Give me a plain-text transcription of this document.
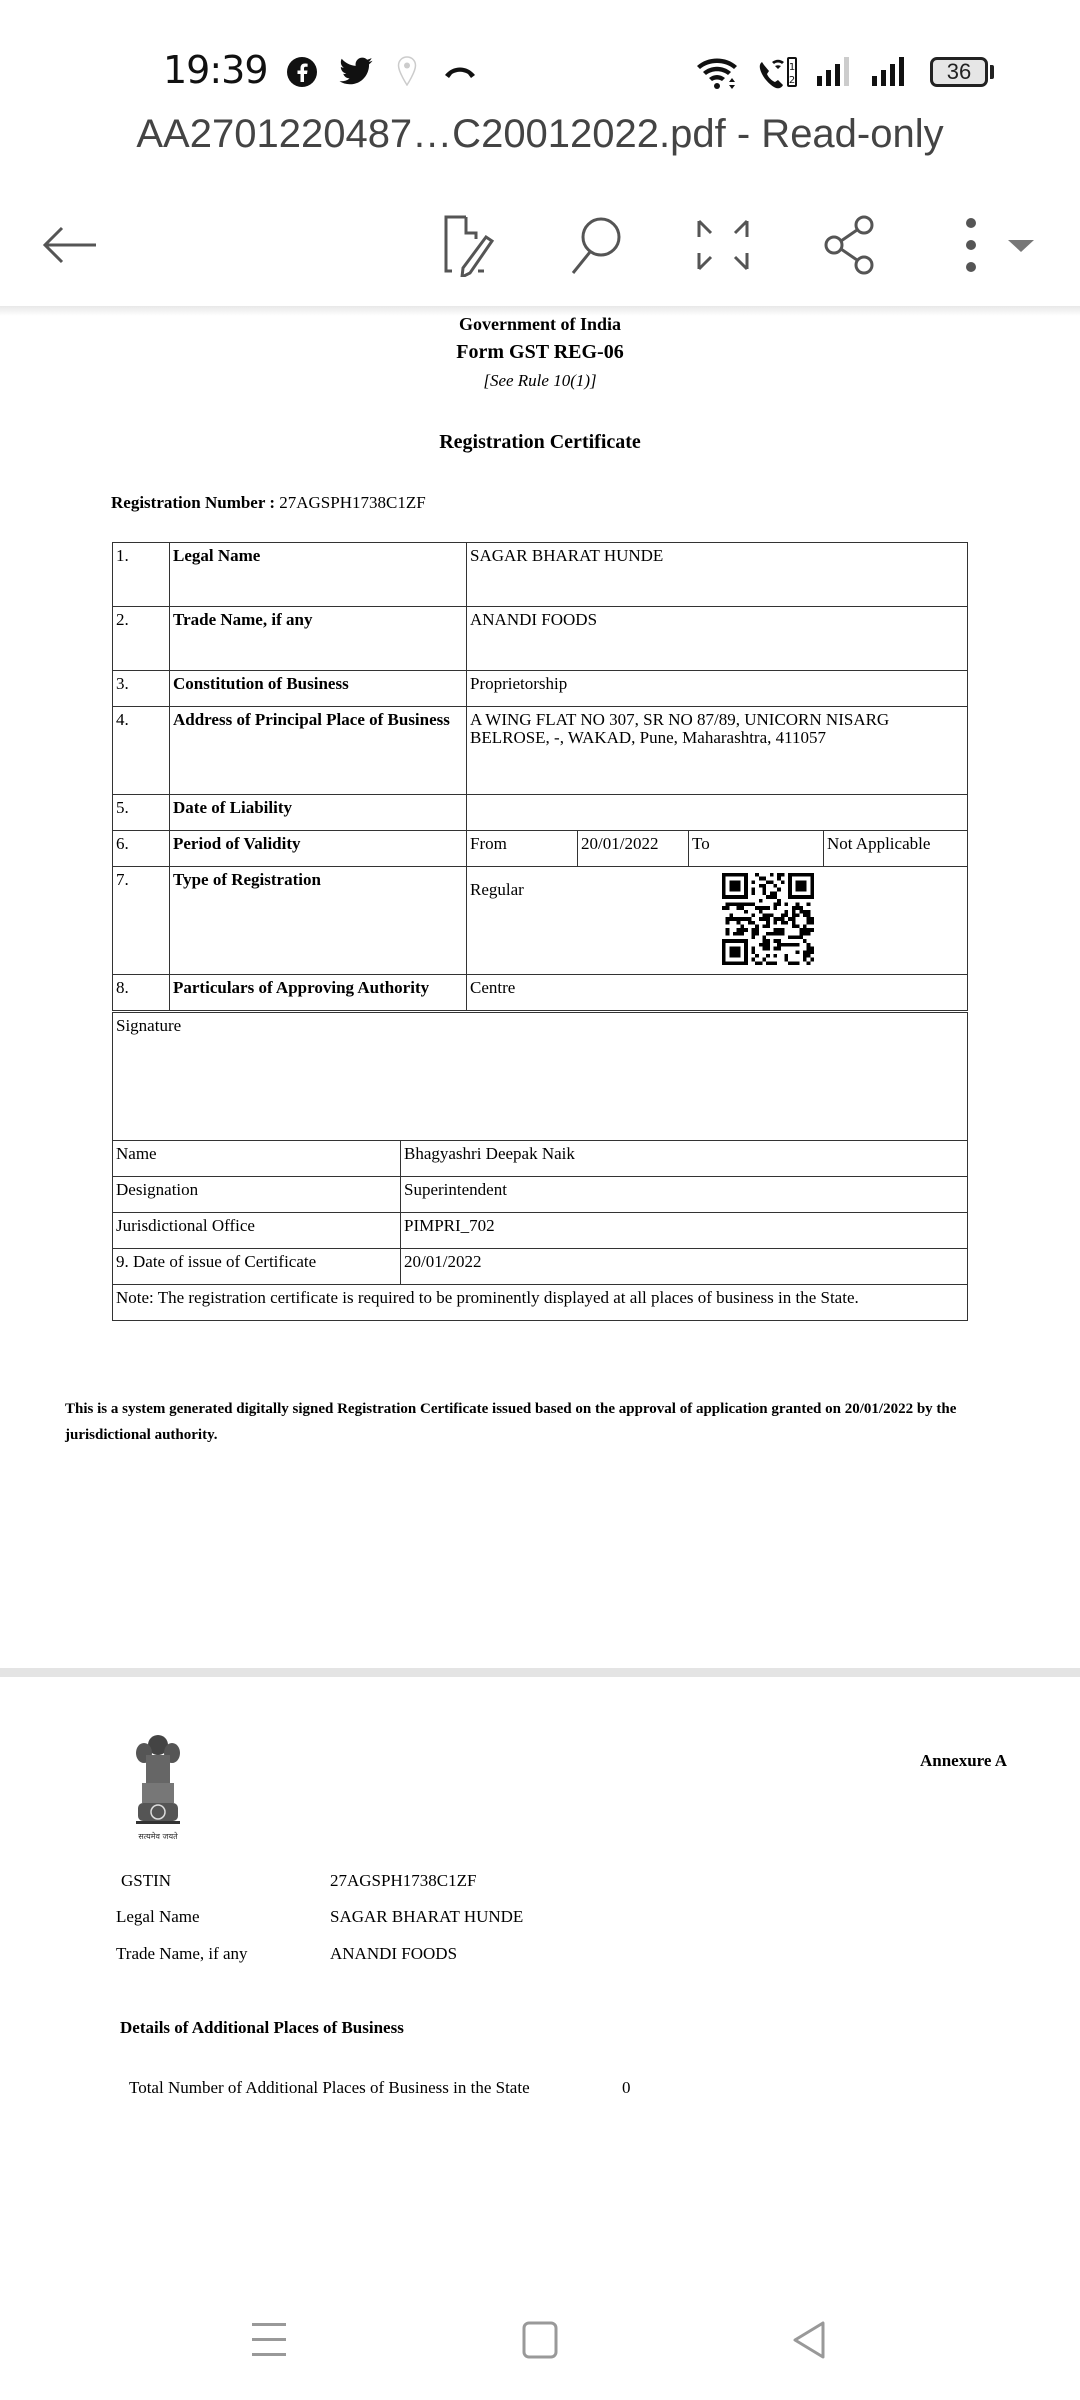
19:39	1
2	36
AA2701220487…C20012022.pdf - Read-only
Government of India
Form GST REG-06
[See Rule 10(1)]
Registration Certificate
Registration Number : 27AGSPH1738C1ZF
1.	Legal Name	SAGAR BHARAT HUNDE			
2.	Trade Name, if any	ANANDI FOODS			
3.	Constitution of Business	Proprietorship			
4.	Address of Principal Place of Business	A WING FLAT NO 307, SR NO 87/89, UNICORN NISARG BELROSE, -, WAKAD, Pune, Maharashtra, 411057			
5.	Date of Liability				
6.	Period of Validity	From	20/01/2022	To	Not Applicable
7.	Type of Registration	Regular			

8.	Particulars of Approving Authority	Centre			
Signature	
Name	Bhagyashri Deepak Naik
Designation	Superintendent
Jurisdictional Office	PIMPRI_702
9. Date of issue of Certificate	20/01/2022
Note: The registration certificate is required to be prominently displayed at all places of business in the State.	
This is a system generated digitally signed Registration Certificate issued based on the approval of application granted on 20/01/2022 by the jurisdictional authority.
सत्यमेव जयते
Annexure A
GSTIN	27AGSPH1738C1ZF
Legal Name	SAGAR BHARAT HUNDE
Trade Name, if any	ANANDI FOODS
Details of Additional Places of Business
Total Number of Additional Places of Business in the State	0
